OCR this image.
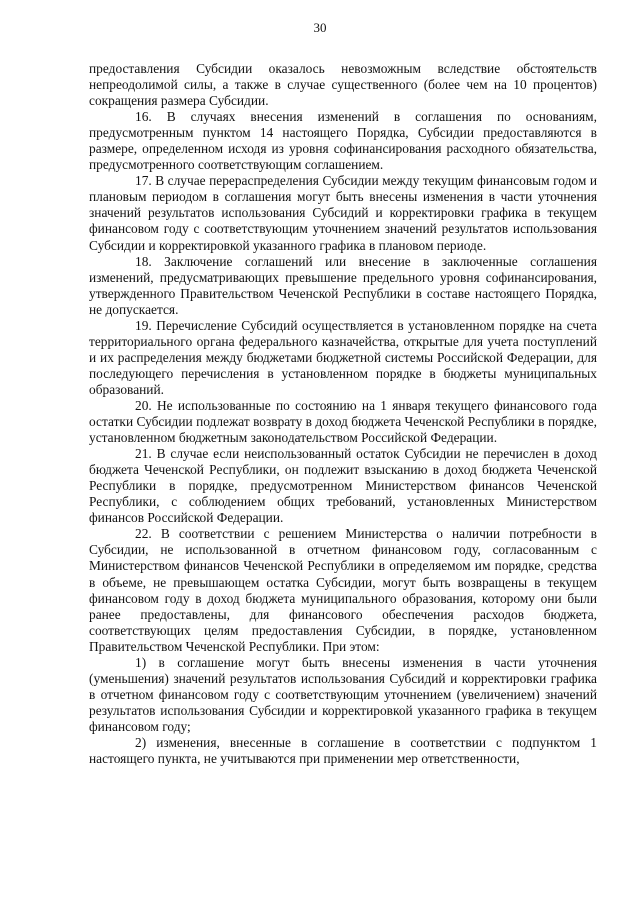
30

предоставления Субсидии оказалось невозможным вследствие обстоятельств непреодолимой силы, а также в случае существенного (более чем на 10 процентов) сокращения размера Субсидии.

16. В случаях внесения изменений в соглашения по основаниям, предусмотренным пунктом 14 настоящего Порядка, Субсидии предоставляются в размере, определенном исходя из уровня софинансирования расходного обязательства, предусмотренного соответствующим соглашением.

17. В случае перераспределения Субсидии между текущим финансовым годом и плановым периодом в соглашения могут быть внесены изменения в части уточнения значений результатов использования Субсидий и корректировки графика в текущем финансовом году с соответствующим уточнением значений результатов использования Субсидии и корректировкой указанного графика в плановом периоде.

18. Заключение соглашений или внесение в заключенные соглашения изменений, предусматривающих превышение предельного уровня софинансирования, утвержденного Правительством Чеченской Республики в составе настоящего Порядка, не допускается.

19. Перечисление Субсидий осуществляется в установленном порядке на счета территориального органа федерального казначейства, открытые для учета поступлений и их распределения между бюджетами бюджетной системы Российской Федерации, для последующего перечисления в установленном порядке в бюджеты муниципальных образований.

20. Не использованные по состоянию на 1 января текущего финансового года остатки Субсидии подлежат возврату в доход бюджета Чеченской Республики в порядке, установленном бюджетным законодательством Российской Федерации.

21. В случае если неиспользованный остаток Субсидии не перечислен в доход бюджета Чеченской Республики, он подлежит взысканию в доход бюджета Чеченской Республики в порядке, предусмотренном Министерством финансов Чеченской Республики, с соблюдением общих требований, установленных Министерством финансов Российской Федерации.

22. В соответствии с решением Министерства о наличии потребности в Субсидии, не использованной в отчетном финансовом году, согласованным с Министерством финансов Чеченской Республики в определяемом им порядке, средства в объеме, не превышающем остатка Субсидии, могут быть возвращены в текущем финансовом году в доход бюджета муниципального образования, которому они были ранее предоставлены, для финансового обеспечения расходов бюджета, соответствующих целям предоставления Субсидии, в порядке, установленном Правительством Чеченской Республики. При этом:

1) в соглашение могут быть внесены изменения в части уточнения (уменьшения) значений результатов использования Субсидий и корректировки графика в отчетном финансовом году с соответствующим уточнением (увеличением) значений результатов использования Субсидии и корректировкой указанного графика в текущем финансовом году;

2) изменения, внесенные в соглашение в соответствии с подпунктом 1 настоящего пункта, не учитываются при применении мер ответственности,
